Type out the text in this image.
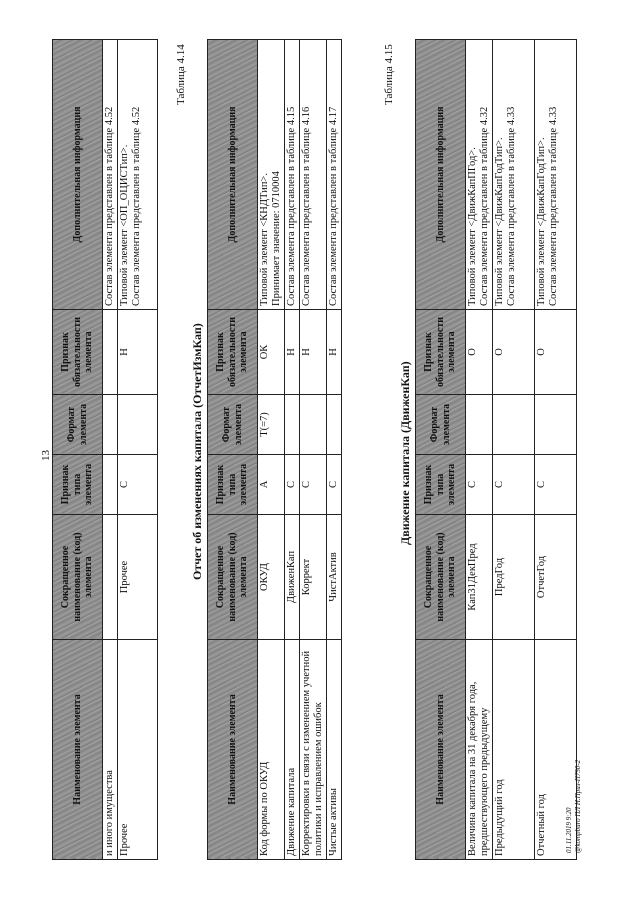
13
Наименование элемента	Сокращенное наименование (код) элемента	Признак типа элемента	Формат элемента	Признак обязательности элемента	Дополнительная информация
и иного имущества					Состав элемента представлен в таблице 4.52
Прочее	Прочее	С		Н	Типовой элемент <ОП_ОЦИСТип>. Состав элемента представлен в таблице 4.52
Таблица 4.14
Отчет об изменениях капитала (ОтчетИзмКап)
Наименование элемента	Сокращенное наименование (код) элемента	Признак типа элемента	Формат элемента	Признак обязательности элемента	Дополнительная информация
Код формы по ОКУД	ОКУД	А	T(=7)	ОК	Типовой элемент <КНДТип>. Принимает значение: 0710004

Движение капитала	ДвиженКап	С		Н	Состав элемента представлен в таблице 4.15
Корректировки в связи с изменением учетной политики и исправлением ошибок	Коррект	С		Н	Состав элемента представлен в таблице 4.16
Чистые активы	ЧистАктив	С		Н	Состав элемента представлен в таблице 4.17
Таблица 4.15
Движение капитала (ДвиженКап)
Наименование элемента	Сокращенное наименование (код) элемента	Признак типа элемента	Формат элемента	Признак обязательности элемента	Дополнительная информация
Величина капитала на 31 декабря года, предшествующего предыдущему	Кап31ДекПред	С		О	Типовой элемент <ДвижКапПГод>. Состав элемента представлен в таблице 4.32

Предыдущий год	ПредГод	С		О	Типовой элемент <ДвижКапГодТип>. Состав элемента представлен в таблице 4.33

Отчетный год	ОтчетГод	С		О	Типовой элемент <ДвижКапГодТип>. Состав элемента представлен в таблице 4.33
01.11.2019 9:20 @kompburo ПЛ Н.Приз-П750-2
